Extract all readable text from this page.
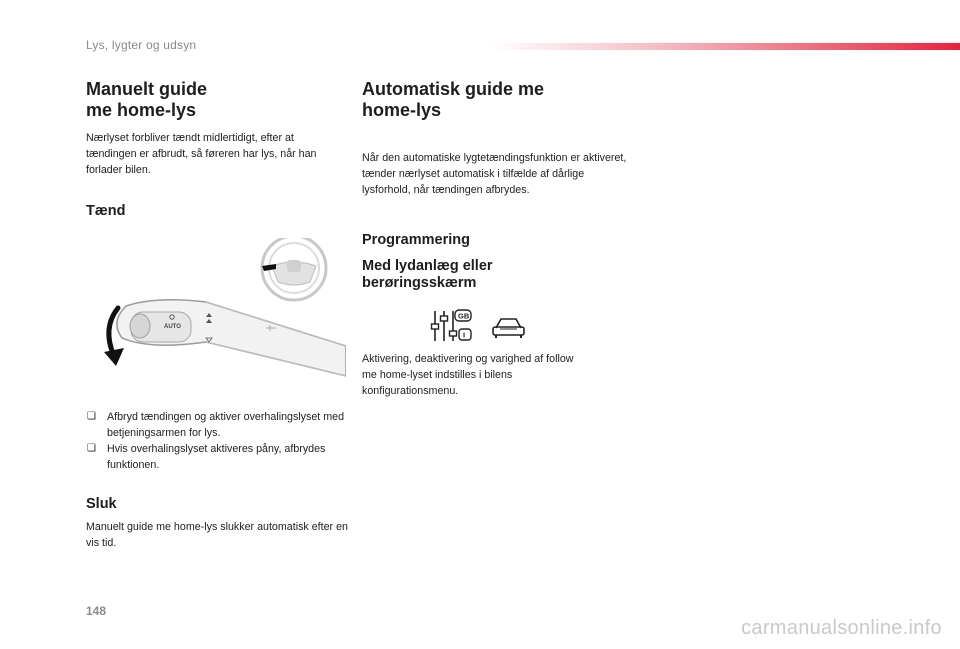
Lys, lygter og udsyn
Manuelt guide
me home-lys

Nærlyset forbliver tændt midlertidigt, efter at tændingen er afbrudt, så føreren har lys, når han forlader bilen.

Tænd
AUTO
❏ Afbryd tændingen og aktiver overhalingslyset med betjeningsarmen for lys.
❏ Hvis overhalingslyset aktiveres påny, afbrydes funktionen.
Sluk

Manuelt guide me home-lys slukker automatisk efter en vis tid.

Automatisk guide me
home-lys

Når den automatiske lygtetændingsfunktion er aktiveret, tænder nærlyset automatisk i tilfælde af dårlige lysforhold, når tændingen afbrydes.

Programmering
Med lydanlæg eller
berøringsskærm
GB
I

Aktivering, deaktivering og varighed af follow me home-lyset indstilles i bilens konfigurationsmenu.

148
carmanualsonline.info
